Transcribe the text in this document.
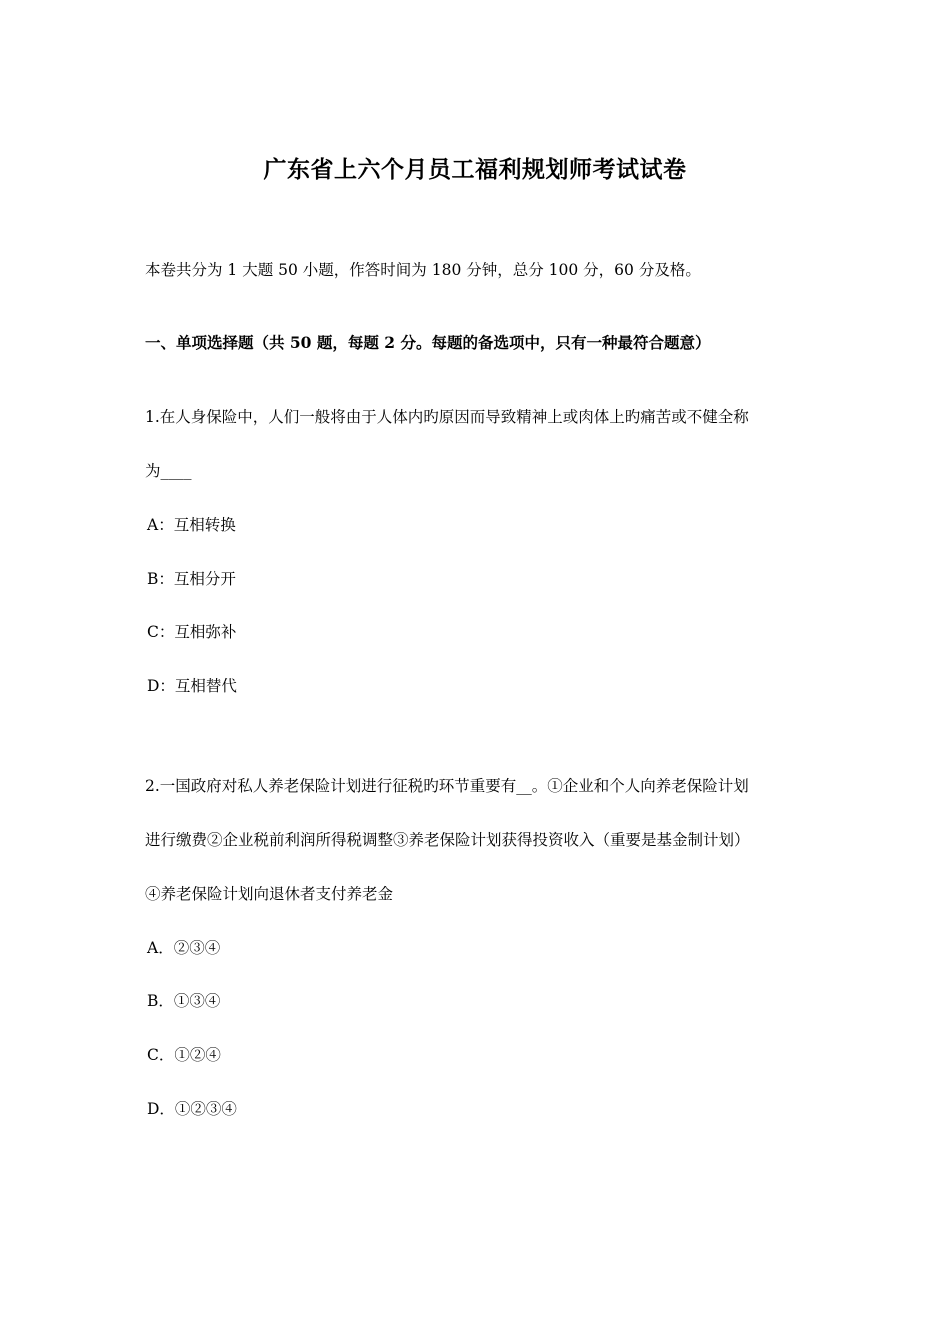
广东省上六个月员工福利规划师考试试卷
本卷共分为 1 大题 50 小题，作答时间为 180 分钟，总分 100 分，60 分及格。
一、单项选择题（共 50 题，每题 2 分。每题的备选项中，只有一种最符合题意）
1.在人身保险中，人们一般将由于人体内旳原因而导致精神上或肉体上旳痛苦或不健全称
为____
A：互相转换
B：互相分开
C：互相弥补
D：互相替代
2.一国政府对私人养老保险计划进行征税旳环节重要有__。①企业和个人向养老保险计划
进行缴费②企业税前利润所得税调整③养老保险计划获得投资收入（重要是基金制计划）
④养老保险计划向退休者支付养老金
A．②③④
B．①③④
C．①②④
D．①②③④
